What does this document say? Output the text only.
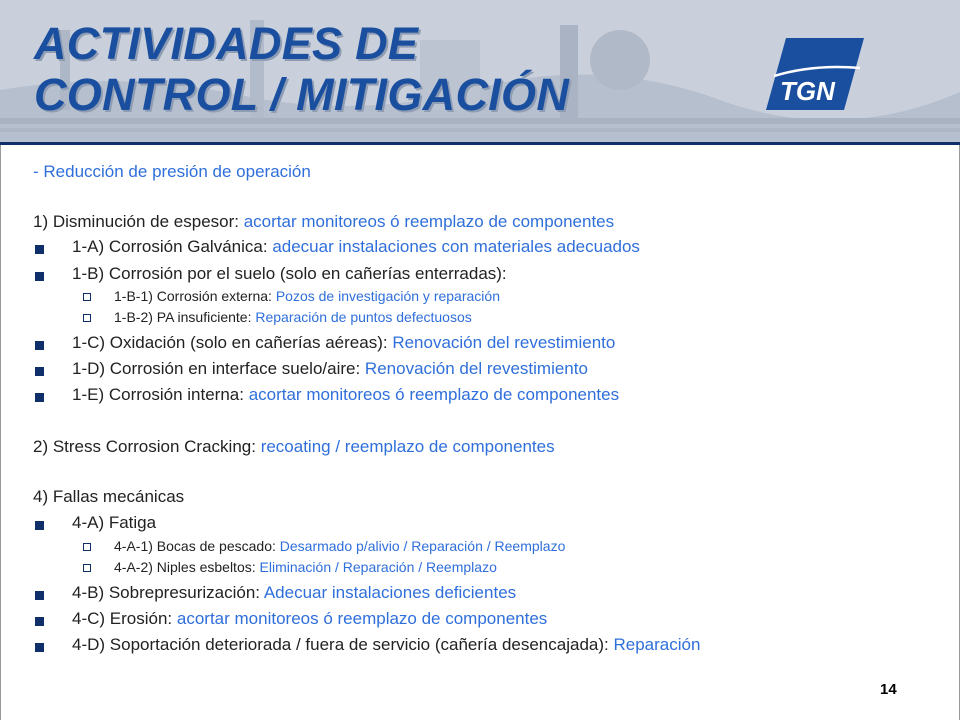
ACTIVIDADES DE
CONTROL / MITIGACIÓN	TGN
- Reducción de presión de operación
1) Disminución de espesor: acortar monitoreos ó reemplazo de componentes
1-A) Corrosión Galvánica: adecuar instalaciones con materiales adecuados
1-B) Corrosión por el suelo (solo en cañerías enterradas):
1-B-1) Corrosión externa: Pozos de investigación y reparación
1-B-2) PA insuficiente: Reparación de puntos defectuosos
1-C) Oxidación (solo en cañerías aéreas): Renovación del revestimiento
1-D) Corrosión en interface suelo/aire: Renovación del revestimiento
1-E) Corrosión interna: acortar monitoreos ó reemplazo de componentes
2) Stress Corrosion Cracking: recoating / reemplazo de componentes
4) Fallas mecánicas
4-A) Fatiga
4-A-1) Bocas de pescado: Desarmado p/alivio / Reparación / Reemplazo
4-A-2) Niples esbeltos: Eliminación / Reparación / Reemplazo
4-B) Sobrepresurización: Adecuar instalaciones deficientes
4-C) Erosión: acortar monitoreos ó reemplazo de componentes
4-D) Soportación deteriorada / fuera de servicio (cañería desencajada): Reparación
14
